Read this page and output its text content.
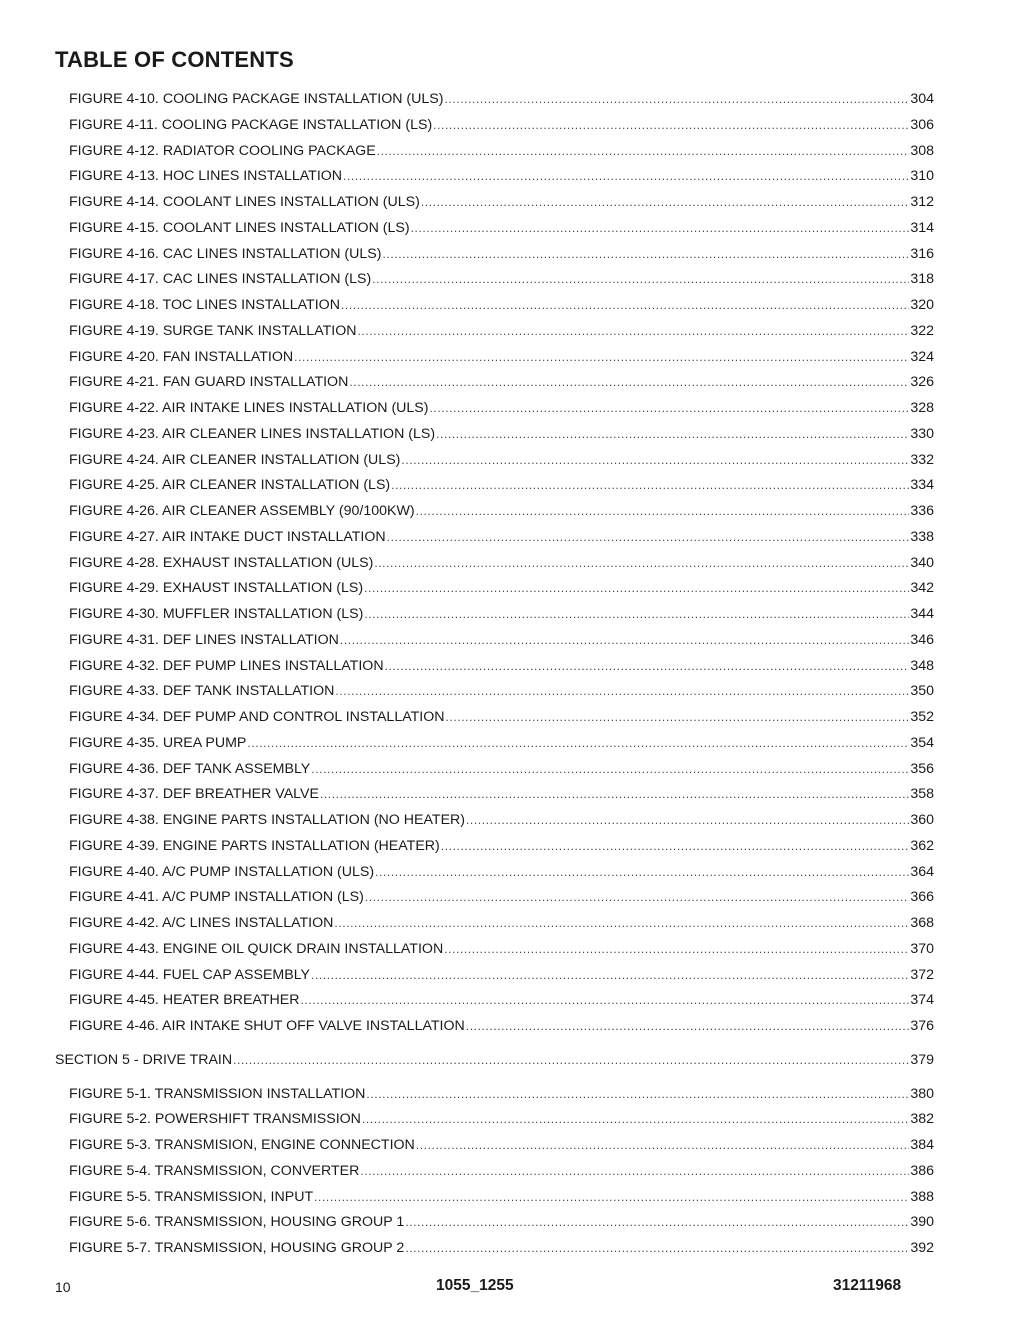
TABLE OF CONTENTS
FIGURE 4-10. COOLING PACKAGE INSTALLATION (ULS) .....	304
FIGURE 4-11. COOLING PACKAGE INSTALLATION (LS) .....	306
FIGURE 4-12. RADIATOR COOLING PACKAGE .....	308
FIGURE 4-13. HOC LINES INSTALLATION .....	310
FIGURE 4-14. COOLANT LINES INSTALLATION (ULS) .....	312
FIGURE 4-15. COOLANT LINES INSTALLATION (LS) .....	314
FIGURE 4-16. CAC LINES INSTALLATION (ULS) .....	316
FIGURE 4-17. CAC LINES INSTALLATION (LS) .....	318
FIGURE 4-18. TOC LINES INSTALLATION .....	320
FIGURE 4-19. SURGE TANK INSTALLATION .....	322
FIGURE 4-20. FAN INSTALLATION .....	324
FIGURE 4-21. FAN GUARD INSTALLATION .....	326
FIGURE 4-22. AIR INTAKE LINES INSTALLATION (ULS) .....	328
FIGURE 4-23. AIR CLEANER LINES INSTALLATION (LS) .....	330
FIGURE 4-24. AIR CLEANER INSTALLATION (ULS) .....	332
FIGURE 4-25. AIR CLEANER INSTALLATION (LS) .....	334
FIGURE 4-26. AIR CLEANER ASSEMBLY (90/100KW) .....	336
FIGURE 4-27. AIR INTAKE DUCT INSTALLATION .....	338
FIGURE 4-28. EXHAUST INSTALLATION (ULS) .....	340
FIGURE 4-29. EXHAUST INSTALLATION (LS) .....	342
FIGURE 4-30. MUFFLER INSTALLATION (LS) .....	344
FIGURE 4-31. DEF LINES INSTALLATION .....	346
FIGURE 4-32. DEF PUMP LINES INSTALLATION .....	348
FIGURE 4-33. DEF TANK INSTALLATION .....	350
FIGURE 4-34. DEF PUMP AND CONTROL INSTALLATION .....	352
FIGURE 4-35. UREA PUMP .....	354
FIGURE 4-36. DEF TANK ASSEMBLY .....	356
FIGURE 4-37. DEF BREATHER VALVE .....	358
FIGURE 4-38. ENGINE PARTS INSTALLATION (NO HEATER) .....	360
FIGURE 4-39. ENGINE PARTS INSTALLATION (HEATER) .....	362
FIGURE 4-40. A/C PUMP INSTALLATION (ULS) .....	364
FIGURE 4-41. A/C PUMP INSTALLATION (LS) .....	366
FIGURE 4-42. A/C LINES INSTALLATION .....	368
FIGURE 4-43. ENGINE OIL QUICK DRAIN INSTALLATION .....	370
FIGURE 4-44. FUEL CAP ASSEMBLY .....	372
FIGURE 4-45. HEATER BREATHER .....	374
FIGURE 4-46. AIR INTAKE SHUT OFF VALVE INSTALLATION .....	376
SECTION 5 - DRIVE TRAIN .....	379
FIGURE 5-1. TRANSMISSION INSTALLATION .....	380
FIGURE 5-2. POWERSHIFT TRANSMISSION .....	382
FIGURE 5-3. TRANSMISION, ENGINE CONNECTION .....	384
FIGURE 5-4. TRANSMISSION, CONVERTER .....	386
FIGURE 5-5. TRANSMISSION, INPUT .....	388
FIGURE 5-6. TRANSMISSION, HOUSING GROUP 1 .....	390
FIGURE 5-7. TRANSMISSION, HOUSING GROUP 2 .....	392
10	1055_1255	31211968
